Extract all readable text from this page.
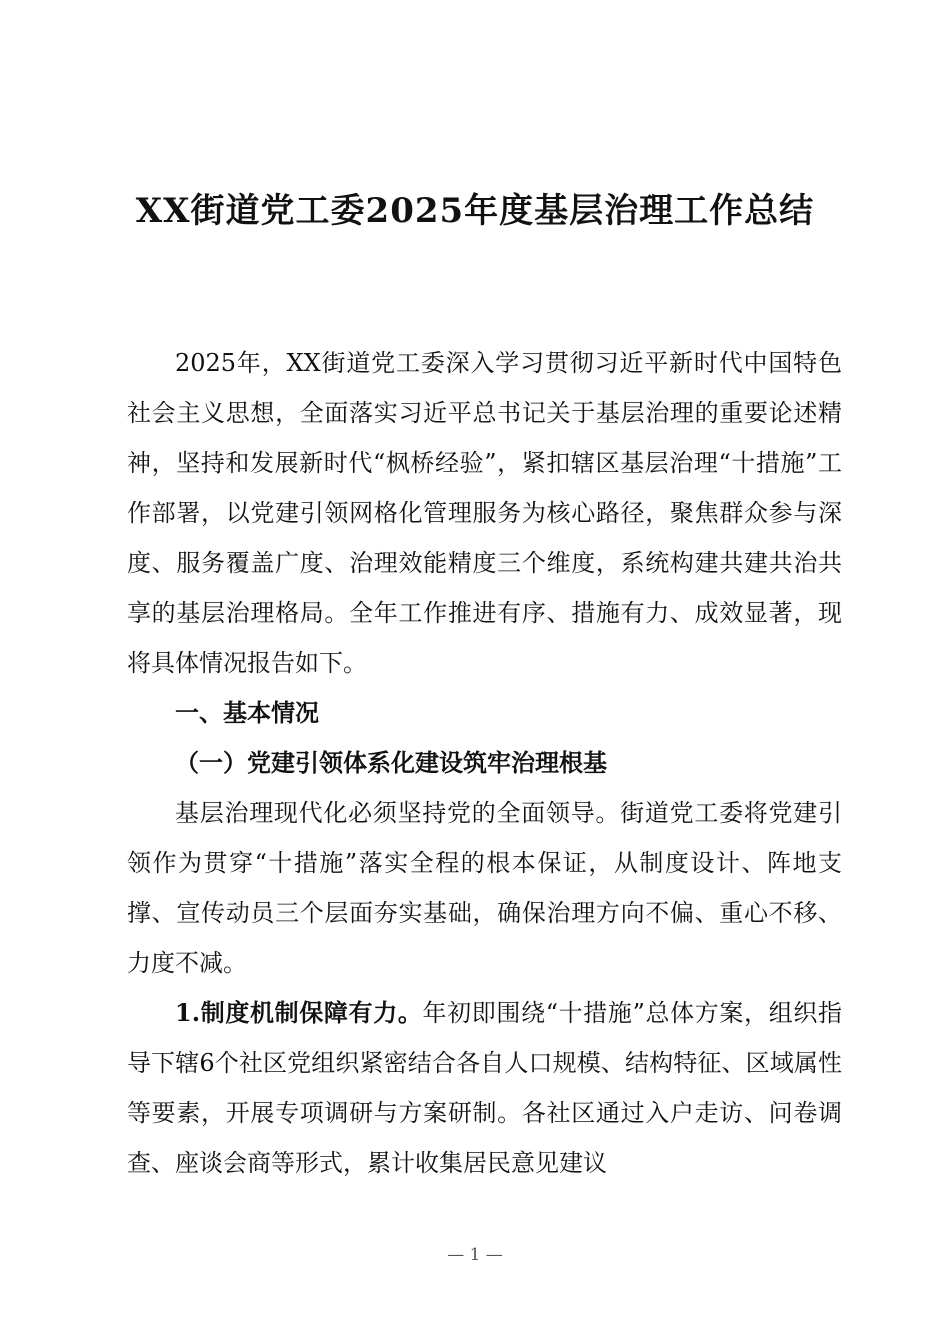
XX街道党工委2025年度基层治理工作总结

2025年，XX街道党工委深入学习贯彻习近平新时代中国特色社会主义思想，全面落实习近平总书记关于基层治理的重要论述精神，坚持和发展新时代“枫桥经验”，紧扣辖区基层治理“十措施”工作部署，以党建引领网格化管理服务为核心路径，聚焦群众参与深度、服务覆盖广度、治理效能精度三个维度，系统构建共建共治共享的基层治理格局。全年工作推进有序、措施有力、成效显著，现将具体情况报告如下。

一、基本情况
（一）党建引领体系化建设筑牢治理根基

基层治理现代化必须坚持党的全面领导。街道党工委将党建引领作为贯穿“十措施”落实全程的根本保证，从制度设计、阵地支撑、宣传动员三个层面夯实基础，确保治理方向不偏、重心不移、力度不减。

1.制度机制保障有力。年初即围绕“十措施”总体方案，组织指导下辖6个社区党组织紧密结合各自人口规模、结构特征、区域属性等要素，开展专项调研与方案研制。各社区通过入户走访、问卷调查、座谈会商等形式，累计收集居民意见建议

— 1 —
